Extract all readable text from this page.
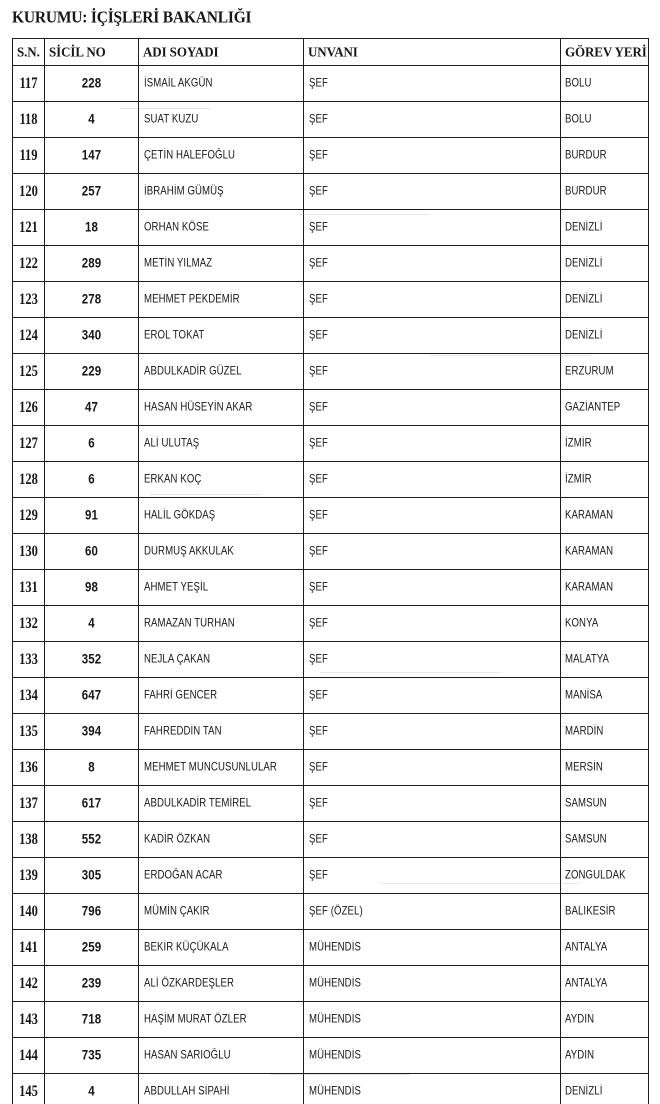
KURUMU: İÇİŞLERİ BAKANLIĞI
S.N.	SİCİL NO	ADI SOYADI	UNVANI	GÖREV YERİ

117	228	İSMAİL AKGÜN	ŞEF	BOLU

118	4	SUAT KUZU	ŞEF	BOLU

119	147	ÇETİN HALEFOĞLU	ŞEF	BURDUR

120	257	İBRAHİM GÜMÜŞ	ŞEF	BURDUR

121	18	ORHAN KÖSE	ŞEF	DENİZLİ

122	289	METİN YILMAZ	ŞEF	DENİZLİ

123	278	MEHMET PEKDEMİR	ŞEF	DENİZLİ

124	340	EROL TOKAT	ŞEF	DENİZLİ

125	229	ABDULKADİR GÜZEL	ŞEF	ERZURUM

126	47	HASAN HÜSEYİN AKAR	ŞEF	GAZİANTEP

127	6	ALİ ULUTAŞ	ŞEF	İZMİR

128	6	ERKAN KOÇ	ŞEF	İZMİR

129	91	HALİL GÖKDAŞ	ŞEF	KARAMAN

130	60	DURMUŞ AKKULAK	ŞEF	KARAMAN

131	98	AHMET YEŞİL	ŞEF	KARAMAN

132	4	RAMAZAN TURHAN	ŞEF	KONYA

133	352	NEJLA ÇAKAN	ŞEF	MALATYA

134	647	FAHRİ GENCER	ŞEF	MANİSA

135	394	FAHREDDİN TAN	ŞEF	MARDİN

136	8	MEHMET MUNCUSUNLULAR	ŞEF	MERSİN

137	617	ABDULKADİR TEMİREL	ŞEF	SAMSUN

138	552	KADİR ÖZKAN	ŞEF	SAMSUN

139	305	ERDOĞAN ACAR	ŞEF	ZONGULDAK

140	796	MÜMİN ÇAKIR	ŞEF (ÖZEL)	BALIKESİR

141	259	BEKİR KÜÇÜKALA	MÜHENDİS	ANTALYA

142	239	ALİ ÖZKARDEŞLER	MÜHENDİS	ANTALYA

143	718	HAŞİM MURAT ÖZLER	MÜHENDİS	AYDIN

144	735	HASAN SARIOĞLU	MÜHENDİS	AYDIN

145	4	ABDULLAH SİPAHİ	MÜHENDİS	DENİZLİ
